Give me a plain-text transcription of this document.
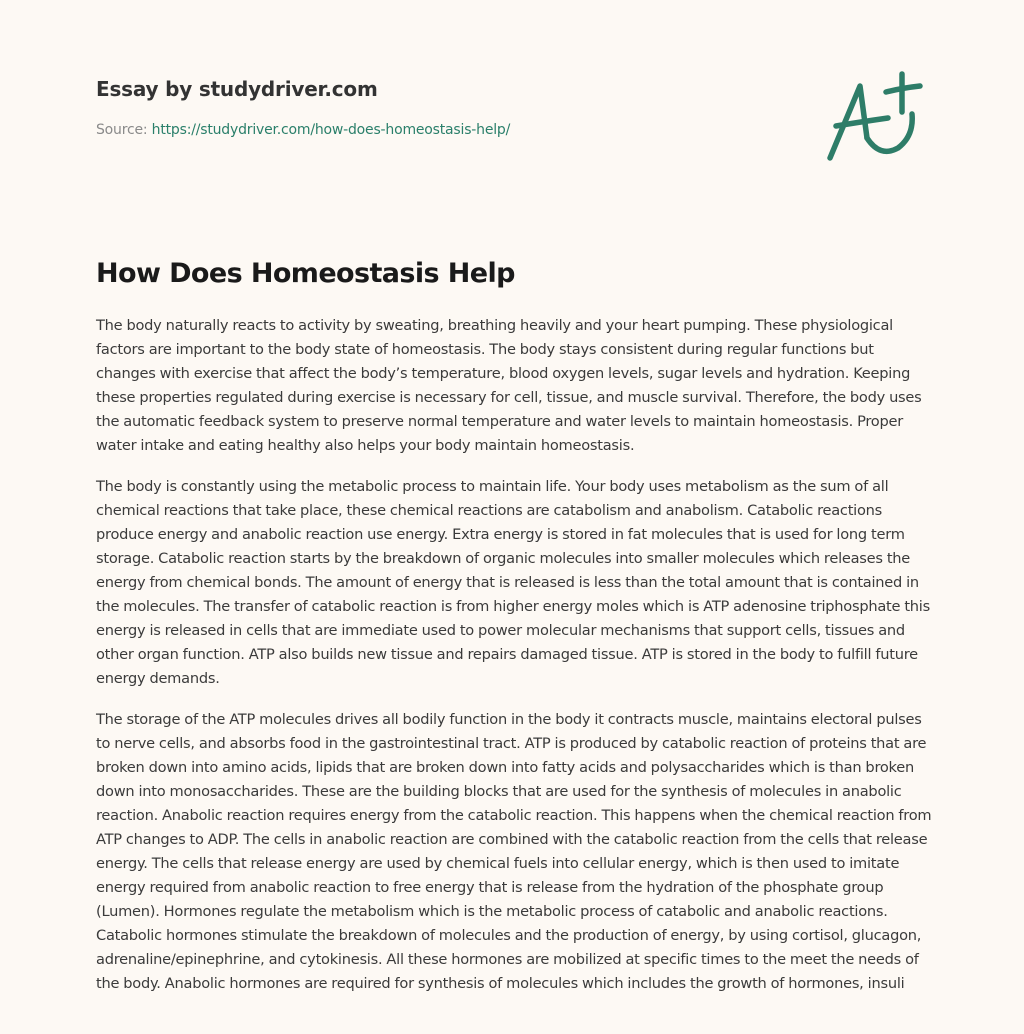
Essay by studydriver.com
Source: https://studydriver.com/how-does-homeostasis-help/
How Does Homeostasis Help

The body naturally reacts to activity by sweating, breathing heavily and your heart pumping. These physiological factors are important to the body state of homeostasis. The body stays consistent during regular functions but changes with exercise that affect the body’s temperature, blood oxygen levels, sugar levels and hydration. Keeping these properties regulated during exercise is necessary for cell, tissue, and muscle survival. Therefore, the body uses the automatic feedback system to preserve normal temperature and water levels to maintain homeostasis. Proper water intake and eating healthy also helps your body maintain homeostasis.

The body is constantly using the metabolic process to maintain life. Your body uses metabolism as the sum of all chemical reactions that take place, these chemical reactions are catabolism and anabolism. Catabolic reactions produce energy and anabolic reaction use energy. Extra energy is stored in fat molecules that is used for long term storage. Catabolic reaction starts by the breakdown of organic molecules into smaller molecules which releases the energy from chemical bonds. The amount of energy that is released is less than the total amount that is contained in the molecules. The transfer of catabolic reaction is from higher energy moles which is ATP adenosine triphosphate this energy is released in cells that are immediate used to power molecular mechanisms that support cells, tissues and other organ function. ATP also builds new tissue and repairs damaged tissue. ATP is stored in the body to fulfill future energy demands.

The storage of the ATP molecules drives all bodily function in the body it contracts muscle, maintains electoral pulses to nerve cells, and absorbs food in the gastrointestinal tract. ATP is produced by catabolic reaction of proteins that are broken down into amino acids, lipids that are broken down into fatty acids and polysaccharides which is than broken down into monosaccharides. These are the building blocks that are used for the synthesis of molecules in anabolic reaction. Anabolic reaction requires energy from the catabolic reaction. This happens when the chemical reaction from ATP changes to ADP. The cells in anabolic reaction are combined with the catabolic reaction from the cells that release energy. The cells that release energy are used by chemical fuels into cellular energy, which is then used to imitate energy required from anabolic reaction to free energy that is release from the hydration of the phosphate group (Lumen). Hormones regulate the metabolism which is the metabolic process of catabolic and anabolic reactions. Catabolic hormones stimulate the breakdown of molecules and the production of energy, by using cortisol, glucagon, adrenaline/epinephrine, and cytokinesis. All these hormones are mobilized at specific times to the meet the needs of the body. Anabolic hormones are required for synthesis of molecules which includes the growth of hormones, insuli
